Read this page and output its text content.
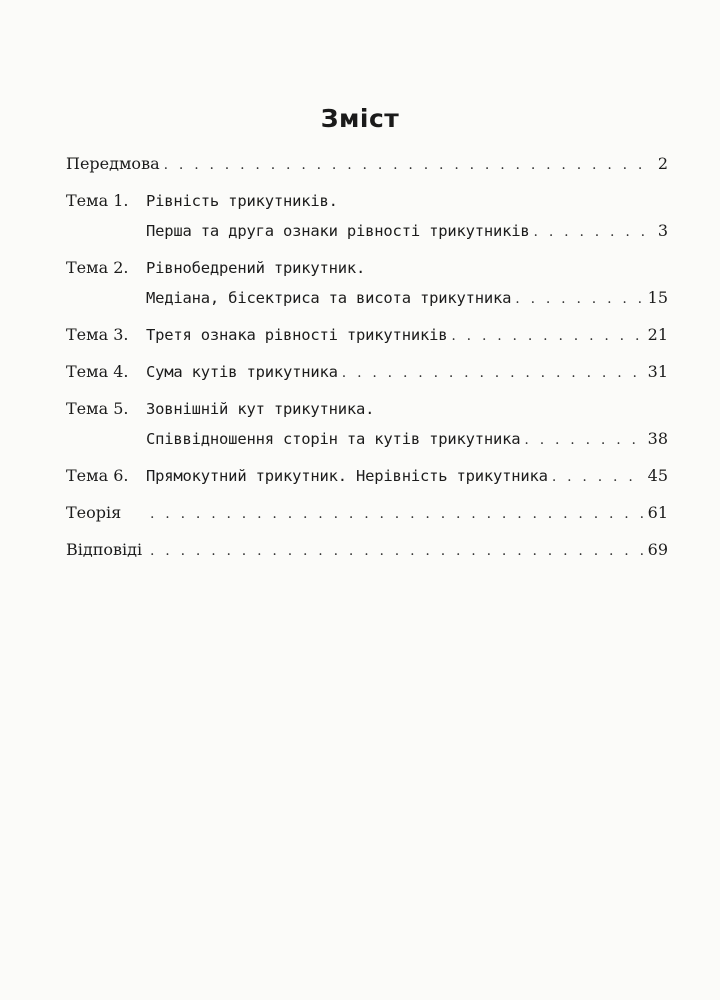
Зміст
Передмова . . .	2
Тема 1.	Рівність трикутників.
Перша та друга ознаки рівності трикутників . . .	3
Тема 2.	Рівнобедрений трикутник.
Медіана, бісектриса та висота трикутника . . .	15
Тема 3.	Третя ознака рівності трикутників . . .	21
Тема 4.	Сума кутів трикутника . . .	31
Тема 5.	Зовнішній кут трикутника.
Співвідношення сторін та кутів трикутника . . .	38
Тема 6.	Прямокутний трикутник. Нерівність трикутника . . .	45
Теорія . . .	61
Відповіді . . .	69
